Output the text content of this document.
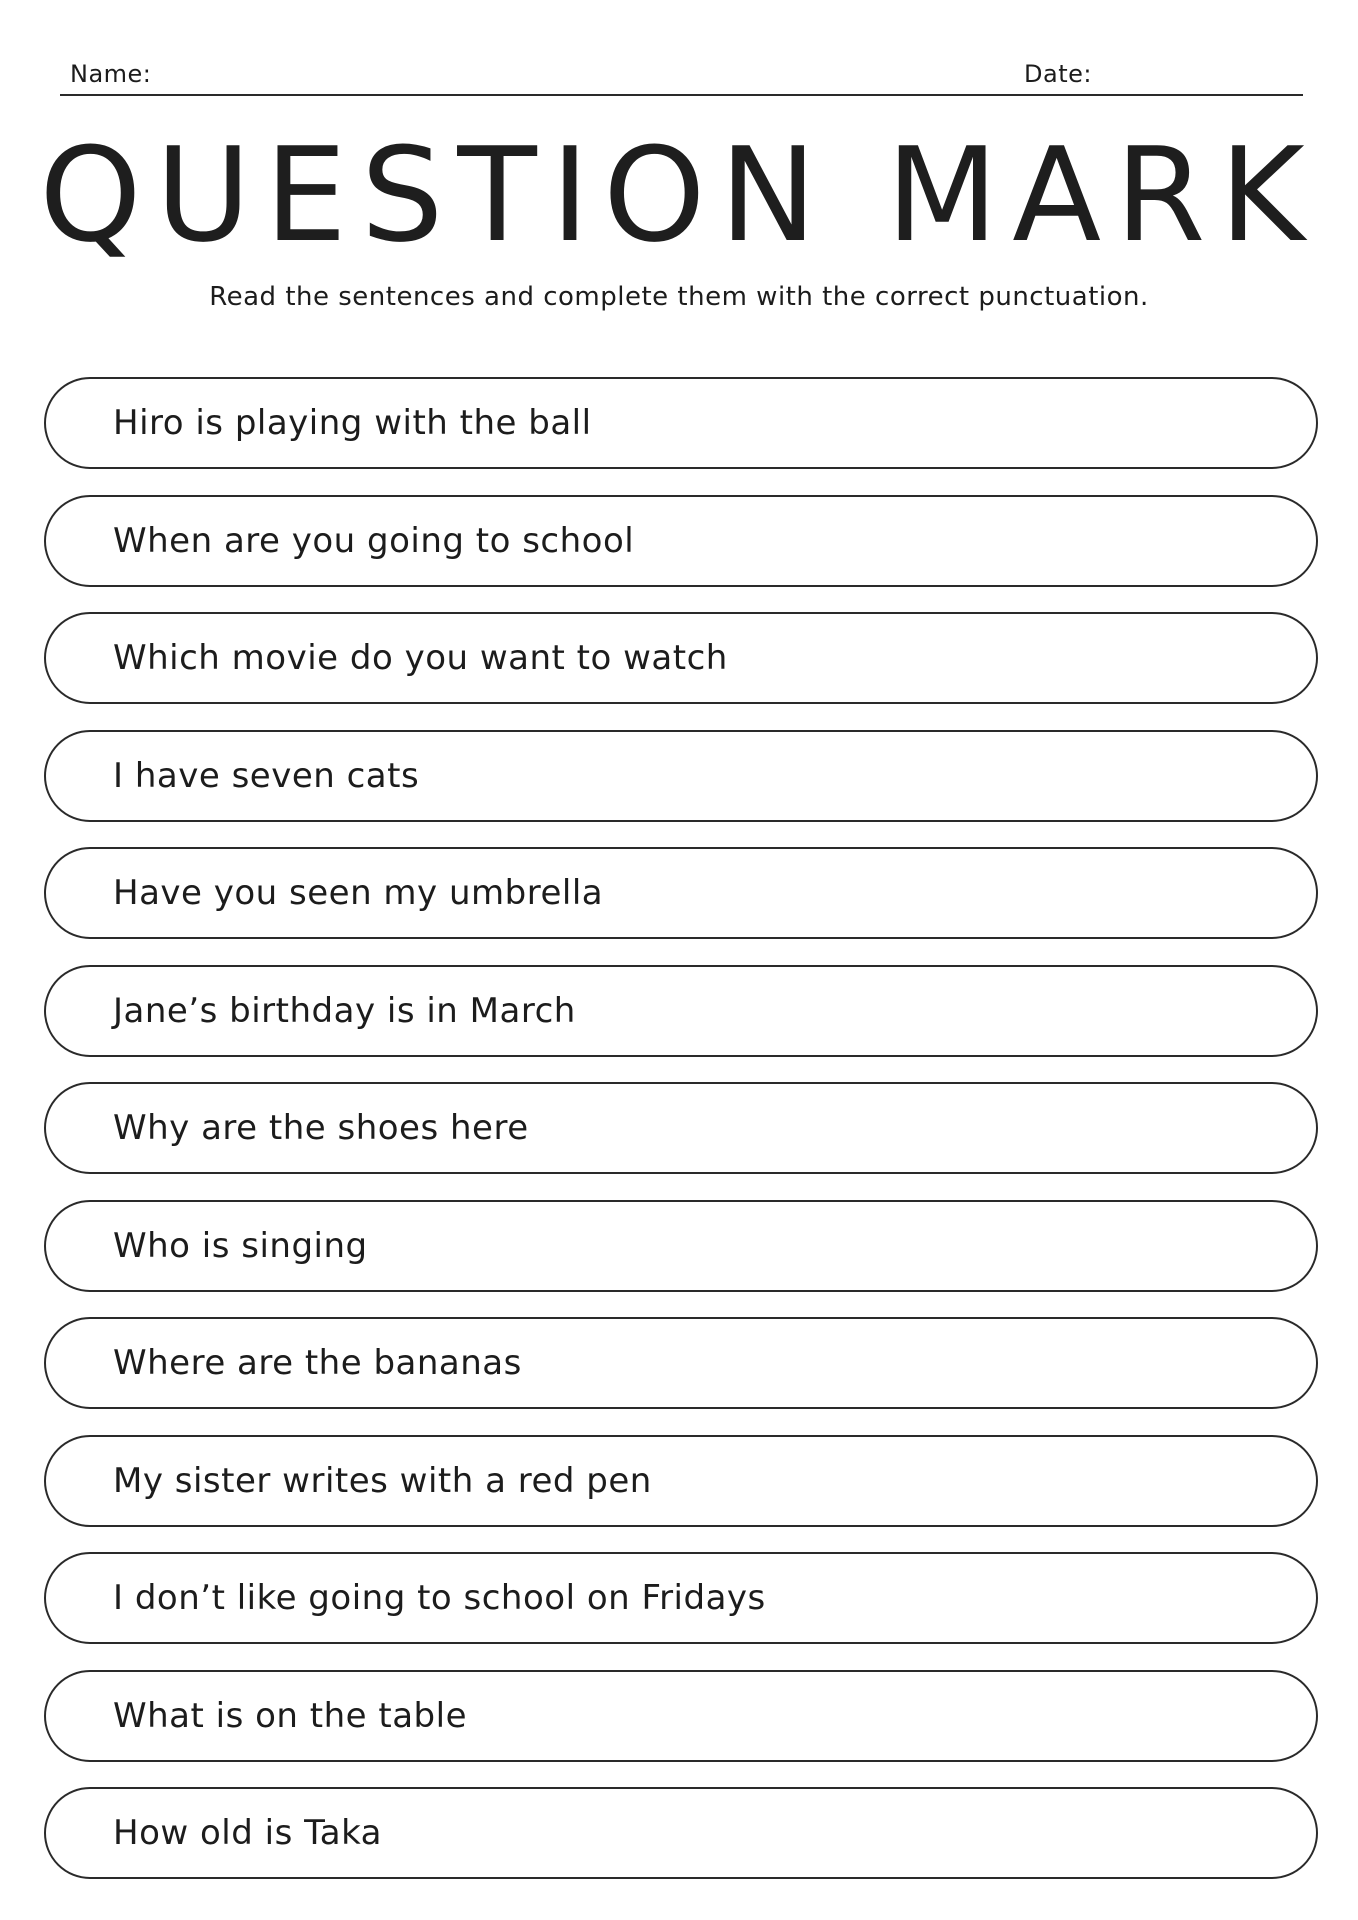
Name:	Date:
QUESTION MARK
Read the sentences and complete them with the correct punctuation.
Hiro is playing with the ball
When are you going to school
Which movie do you want to watch
I have seven cats
Have you seen my umbrella
Jane’s birthday is in March
Why are the shoes here
Who is singing
Where are the bananas
My sister writes with a red pen
I don’t like going to school on Fridays
What is on the table
How old is Taka
